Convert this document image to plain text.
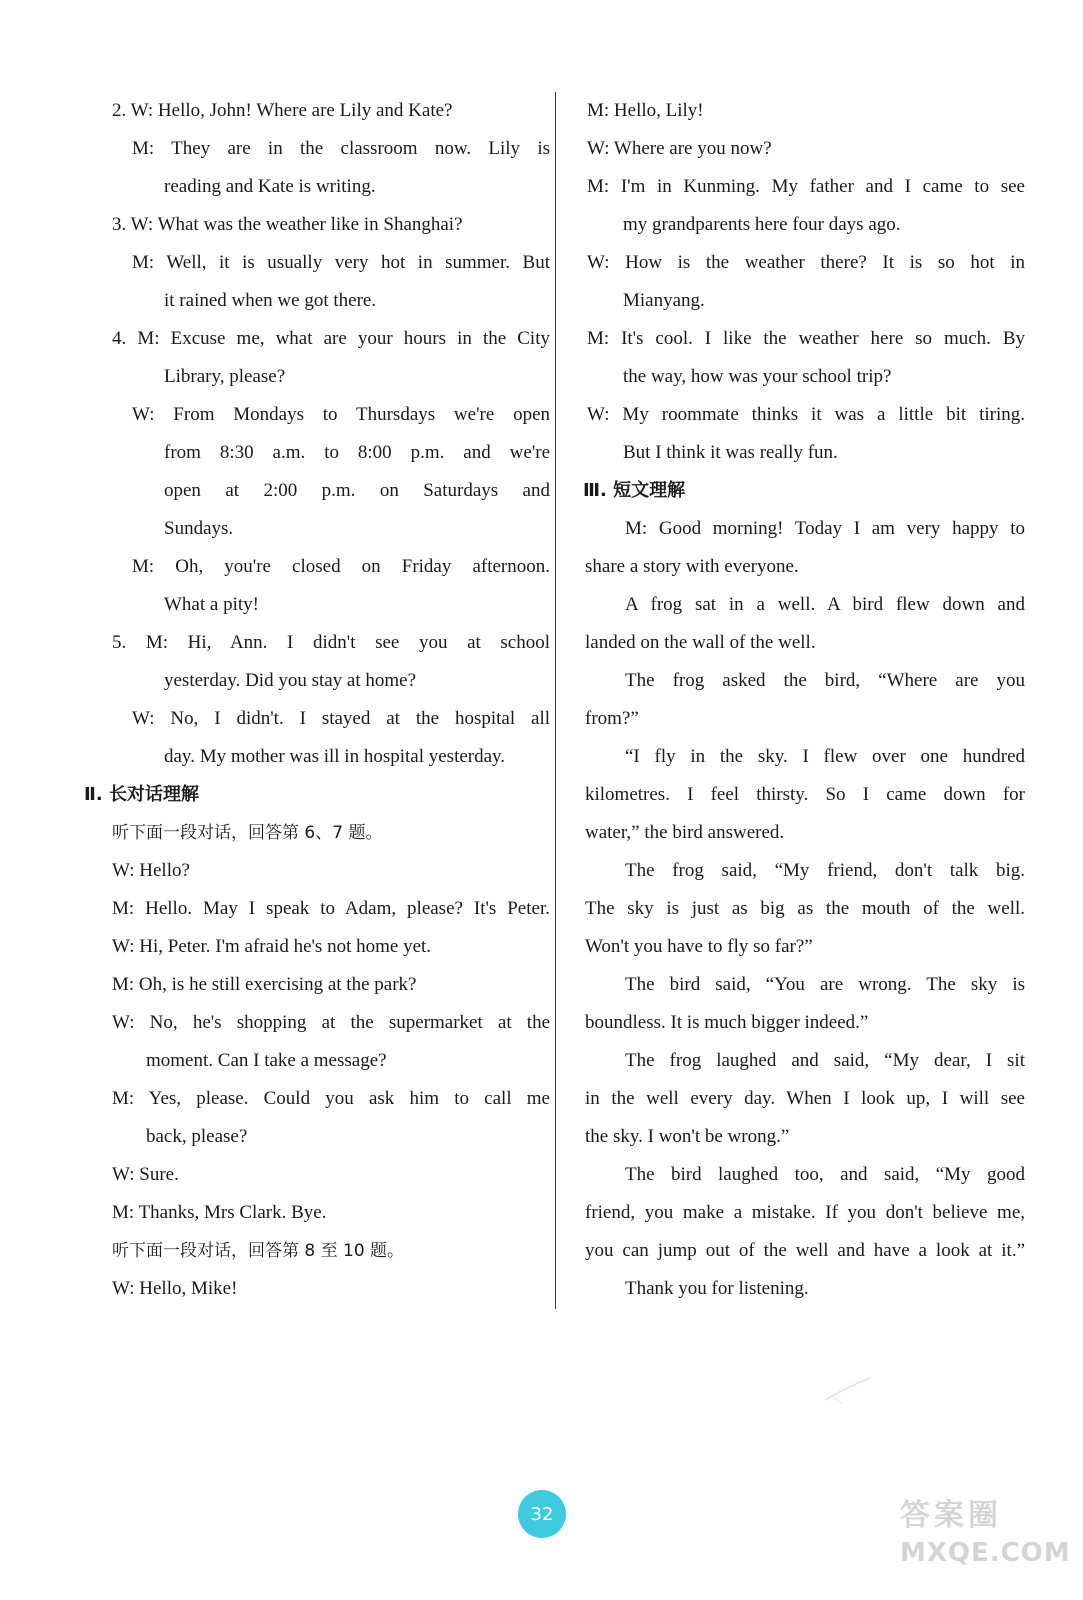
2. W: Hello, John! Where are Lily and Kate?
M: They are in the classroom now. Lily is
reading and Kate is writing.
3. W: What was the weather like in Shanghai?
M: Well, it is usually very hot in summer. But
it rained when we got there.
4. M: Excuse me, what are your hours in the City
Library, please?
W: From Mondays to Thursdays we're open
from 8:30 a.m. to 8:00 p.m. and we're
open at 2:00 p.m. on Saturdays and
Sundays.
M: Oh, you're closed on Friday afternoon.
What a pity!
5. M: Hi, Ann. I didn't see you at school
yesterday. Did you stay at home?
W: No, I didn't. I stayed at the hospital all
day. My mother was ill in hospital yesterday.
Ⅱ. 长对话理解
听下面一段对话，回答第 6、7 题。
W: Hello?
M: Hello. May I speak to Adam, please? It's Peter.
W: Hi, Peter. I'm afraid he's not home yet.
M: Oh, is he still exercising at the park?
W: No, he's shopping at the supermarket at the
moment. Can I take a message?
M: Yes, please. Could you ask him to call me
back, please?
W: Sure.
M: Thanks, Mrs Clark. Bye.
听下面一段对话，回答第 8 至 10 题。
W: Hello, Mike!
M: Hello, Lily!
W: Where are you now?
M: I'm in Kunming. My father and I came to see
my grandparents here four days ago.
W: How is the weather there? It is so hot in
Mianyang.
M: It's cool. I like the weather here so much. By
the way, how was your school trip?
W: My roommate thinks it was a little bit tiring.
But I think it was really fun.
Ⅲ. 短文理解
M: Good morning! Today I am very happy to
share a story with everyone.
A frog sat in a well. A bird flew down and
landed on the wall of the well.
The frog asked the bird, “Where are you
from?”
“I fly in the sky. I flew over one hundred
kilometres. I feel thirsty. So I came down for
water,” the bird answered.
The frog said, “My friend, don't talk big.
The sky is just as big as the mouth of the well.
Won't you have to fly so far?”
The bird said, “You are wrong. The sky is
boundless. It is much bigger indeed.”
The frog laughed and said, “My dear, I sit
in the well every day. When I look up, I will see
the sky. I won't be wrong.”
The bird laughed too, and said, “My good
friend, you make a mistake. If you don't believe me,
you can jump out of the well and have a look at it.”
Thank you for listening.
32	答案圈
MXQE.COM
